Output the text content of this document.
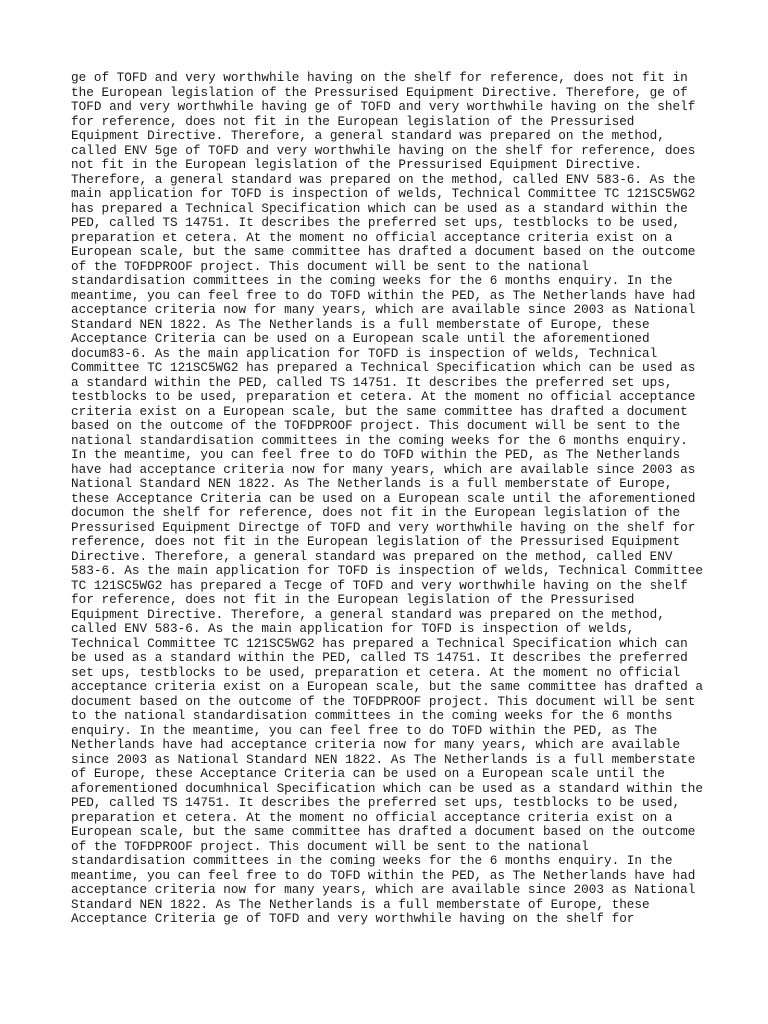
ge of TOFD and very worthwhile having on the shelf for reference, does not fit in
the European legislation of the Pressurised Equipment Directive. Therefore, ge of
TOFD and very worthwhile having ge of TOFD and very worthwhile having on the shelf
for reference, does not fit in the European legislation of the Pressurised
Equipment Directive. Therefore, a general standard was prepared on the method,
called ENV 5ge of TOFD and very worthwhile having on the shelf for reference, does
not fit in the European legislation of the Pressurised Equipment Directive.
Therefore, a general standard was prepared on the method, called ENV 583-6. As the
main application for TOFD is inspection of welds, Technical Committee TC 121SC5WG2
has prepared a Technical Specification which can be used as a standard within the
PED, called TS 14751. It describes the preferred set ups, testblocks to be used,
preparation et cetera. At the moment no official acceptance criteria exist on a
European scale, but the same committee has drafted a document based on the outcome
of the TOFDPROOF project. This document will be sent to the national
standardisation committees in the coming weeks for the 6 months enquiry. In the
meantime, you can feel free to do TOFD within the PED, as The Netherlands have had
acceptance criteria now for many years, which are available since 2003 as National
Standard NEN 1822. As The Netherlands is a full memberstate of Europe, these
Acceptance Criteria can be used on a European scale until the aforementioned
docum83-6. As the main application for TOFD is inspection of welds, Technical
Committee TC 121SC5WG2 has prepared a Technical Specification which can be used as
a standard within the PED, called TS 14751. It describes the preferred set ups,
testblocks to be used, preparation et cetera. At the moment no official acceptance
criteria exist on a European scale, but the same committee has drafted a document
based on the outcome of the TOFDPROOF project. This document will be sent to the
national standardisation committees in the coming weeks for the 6 months enquiry.
In the meantime, you can feel free to do TOFD within the PED, as The Netherlands
have had acceptance criteria now for many years, which are available since 2003 as
National Standard NEN 1822. As The Netherlands is a full memberstate of Europe,
these Acceptance Criteria can be used on a European scale until the aforementioned
documon the shelf for reference, does not fit in the European legislation of the
Pressurised Equipment Directge of TOFD and very worthwhile having on the shelf for
reference, does not fit in the European legislation of the Pressurised Equipment
Directive. Therefore, a general standard was prepared on the method, called ENV
583-6. As the main application for TOFD is inspection of welds, Technical Committee
TC 121SC5WG2 has prepared a Tecge of TOFD and very worthwhile having on the shelf
for reference, does not fit in the European legislation of the Pressurised
Equipment Directive. Therefore, a general standard was prepared on the method,
called ENV 583-6. As the main application for TOFD is inspection of welds,
Technical Committee TC 121SC5WG2 has prepared a Technical Specification which can
be used as a standard within the PED, called TS 14751. It describes the preferred
set ups, testblocks to be used, preparation et cetera. At the moment no official
acceptance criteria exist on a European scale, but the same committee has drafted a
document based on the outcome of the TOFDPROOF project. This document will be sent
to the national standardisation committees in the coming weeks for the 6 months
enquiry. In the meantime, you can feel free to do TOFD within the PED, as The
Netherlands have had acceptance criteria now for many years, which are available
since 2003 as National Standard NEN 1822. As The Netherlands is a full memberstate
of Europe, these Acceptance Criteria can be used on a European scale until the
aforementioned documhnical Specification which can be used as a standard within the
PED, called TS 14751. It describes the preferred set ups, testblocks to be used,
preparation et cetera. At the moment no official acceptance criteria exist on a
European scale, but the same committee has drafted a document based on the outcome
of the TOFDPROOF project. This document will be sent to the national
standardisation committees in the coming weeks for the 6 months enquiry. In the
meantime, you can feel free to do TOFD within the PED, as The Netherlands have had
acceptance criteria now for many years, which are available since 2003 as National
Standard NEN 1822. As The Netherlands is a full memberstate of Europe, these
Acceptance Criteria ge of TOFD and very worthwhile having on the shelf for
